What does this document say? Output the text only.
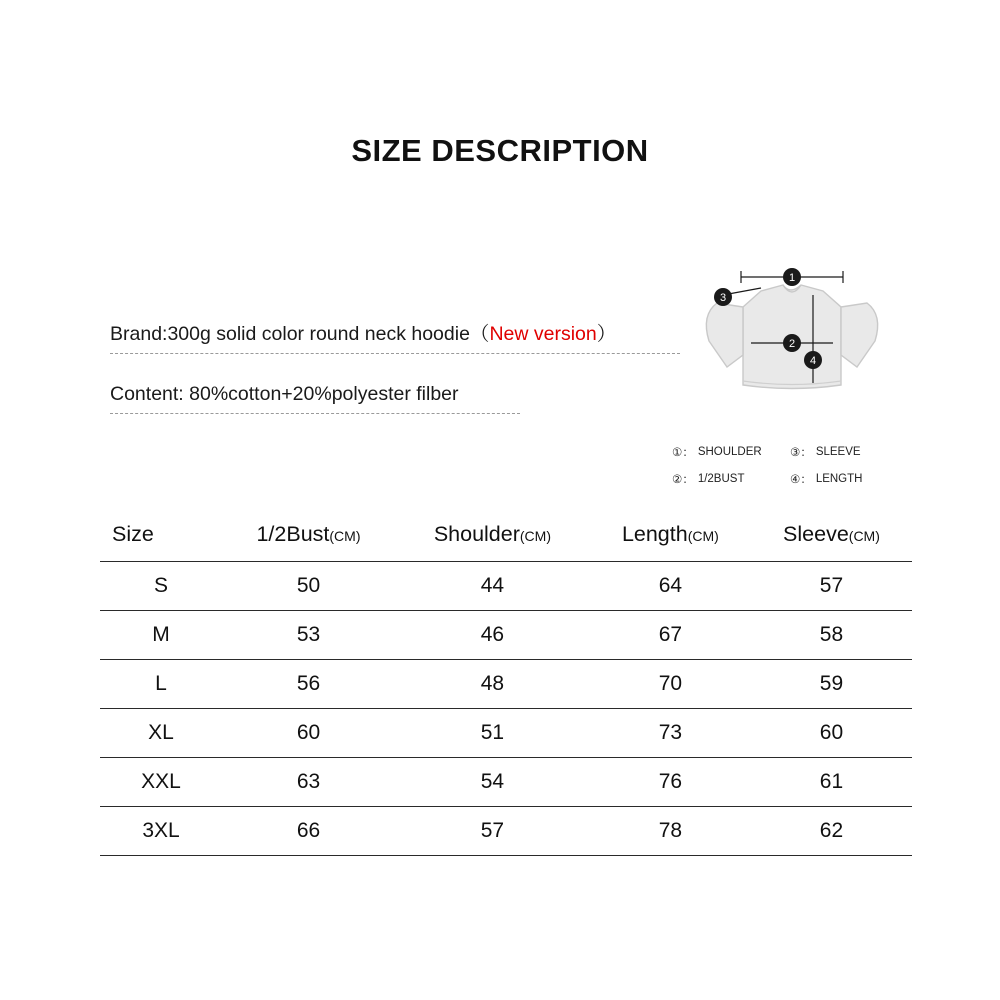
SIZE DESCRIPTION
Brand:300g solid color round neck hoodie（New version）
Content: 80%cotton+20%polyester filber
1
3
2
4
① ： SHOULDER ③ ： SLEEVE
② ： 1/2BUST	④ ： LENGTH
Size	1/2Bust(CM)	Shoulder(CM)	Length(CM)	Sleeve(CM)
S	50	44	64	57
M	53	46	67	58
L	56	48	70	59
XL	60	51	73	60
XXL	63	54	76	61
3XL	66	57	78	62
